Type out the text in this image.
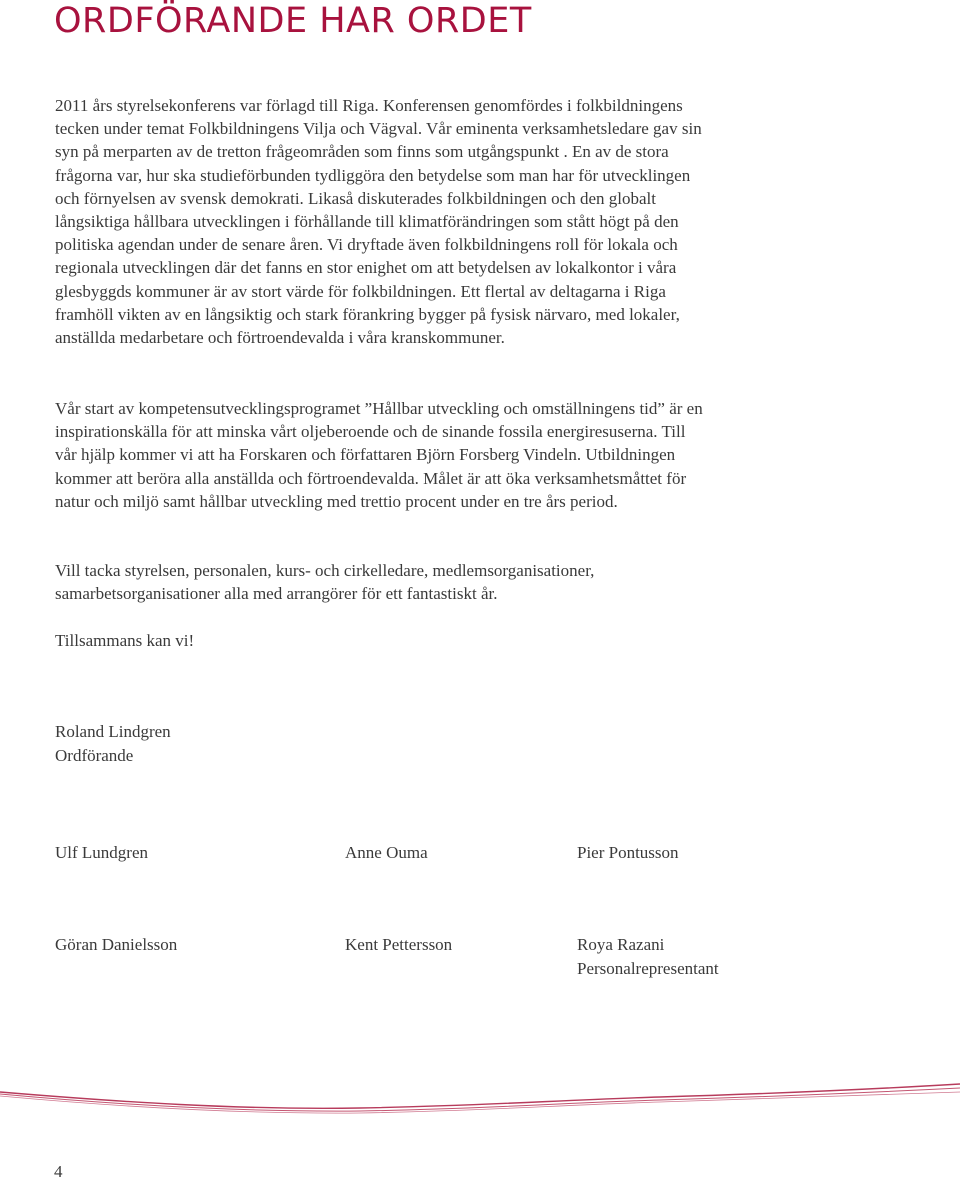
ORDFÖRANDE HAR ORDET

2011 års styrelsekonferens var förlagd till Riga. Konferensen genomfördes i folkbildningens tecken under temat Folkbildningens Vilja och Vägval. Vår eminenta verksamhetsledare gav sin syn på merparten av de tretton frågeområden som finns som utgångspunkt . En av de stora frågorna var, hur ska studieförbunden tydliggöra den betydelse som man har för utvecklingen och förnyelsen av svensk demokrati. Likaså diskuterades folkbildningen och den globalt långsiktiga hållbara utvecklingen i förhållande till klimatförändringen som stått högt på den politiska agendan under de senare åren. Vi dryftade även folkbildningens roll för lokala och regionala utvecklingen där det fanns en stor enighet om att betydelsen av lokalkontor i våra glesbyggds kommuner är av stort värde för folkbildningen. Ett flertal av deltagarna i Riga framhöll vikten av en långsiktig och stark förankring bygger på fysisk närvaro, med lokaler, anställda medarbetare och förtroendevalda i våra kranskommuner.

Vår start av kompetensutvecklingsprogramet ”Hållbar utveckling och omställningens tid” är en inspirationskälla för att minska vårt oljeberoende och de sinande fossila energiresuserna. Till vår hjälp kommer vi att ha Forskaren och författaren Björn Forsberg Vindeln. Utbildningen kommer att beröra alla anställda och förtroendevalda. Målet är att öka verksamhetsmåttet för natur och miljö samt hållbar utveckling med trettio procent under en tre års period.

Vill tacka styrelsen, personalen, kurs- och cirkelledare, medlemsorganisationer, samarbetsorganisationer alla med arrangörer för ett fantastiskt år.

Tillsammans kan vi!

Roland Lindgren
Ordförande
Ulf Lundgren	Anne Ouma	Pier Pontusson
Göran Danielsson	Kent Pettersson	Roya Razani
Personalrepresentant
4
